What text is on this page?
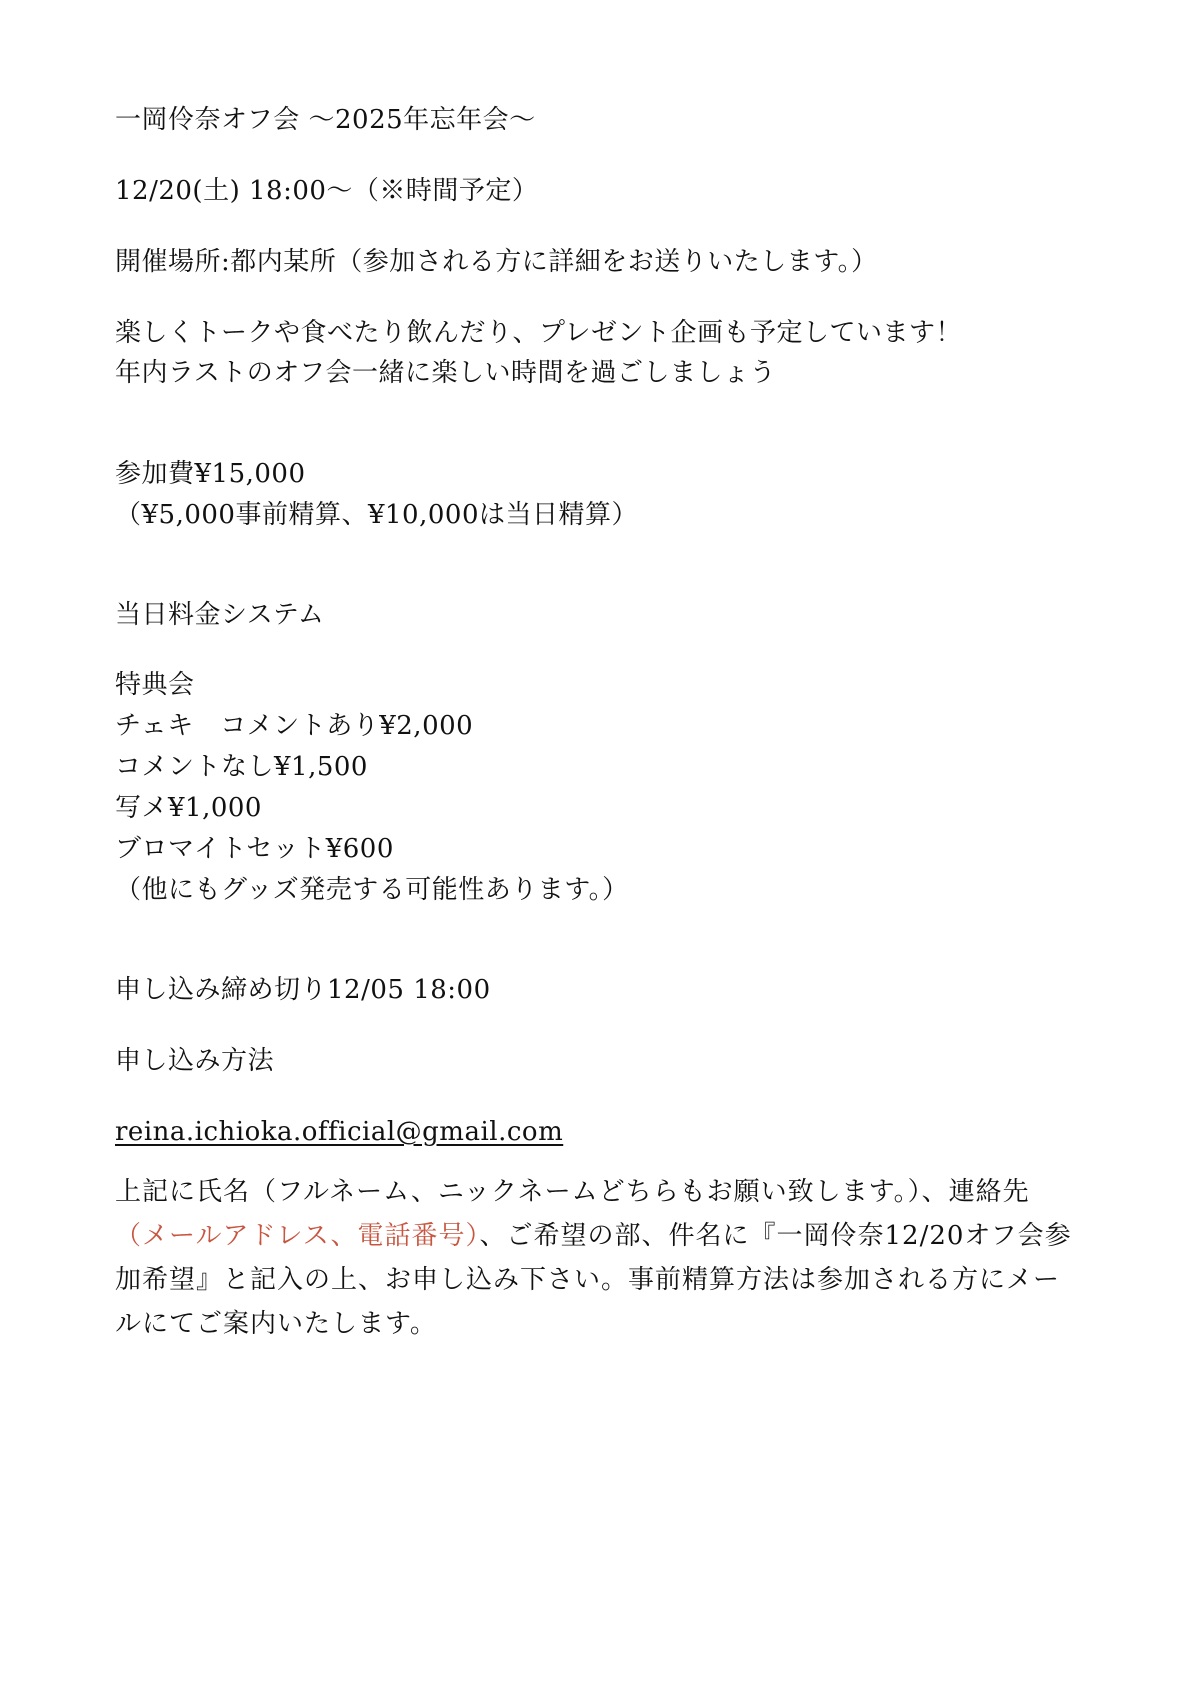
一岡伶奈オフ会 〜2025年忘年会〜
12/20(土) 18:00〜（※時間予定）
開催場所:都内某所（参加される方に詳細をお送りいたします。）
楽しくトークや食べたり飲んだり、プレゼント企画も予定しています！
年内ラストのオフ会一緒に楽しい時間を過ごしましょう
参加費¥15,000
（¥5,000事前精算、¥10,000は当日精算）
当日料金システム
特典会
チェキ　コメントあり¥2,000
コメントなし¥1,500
写メ¥1,000
ブロマイトセット¥600
（他にもグッズ発売する可能性あります。）
申し込み締め切り12/05 18:00
申し込み方法
reina.ichioka.official@gmail.com
上記に氏名（フルネーム、ニックネームどちらもお願い致します。）、連絡先（メールアドレス、電話番号）、ご希望の部、件名に『一岡伶奈12/20オフ会参加希望』と記入の上、お申し込み下さい。事前精算方法は参加される方にメールにてご案内いたします。
